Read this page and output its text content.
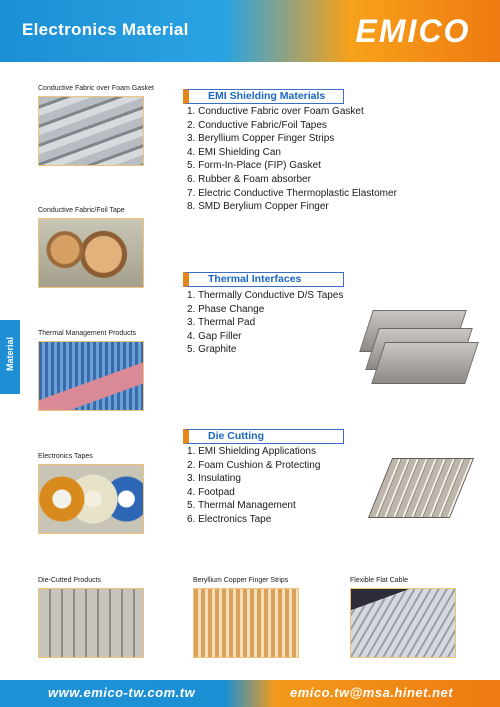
Electronics Material	EMICO
Material
Conductive Fabric over Foam Gasket
Conductive Fabric/Foil Tape
Thermal Management Products
Electronics Tapes
Die-Cutted Products	Beryllium Copper Finger Strips	Flexible Flat Cable
EMI Shielding Materials
1. Conductive Fabric over Foam Gasket
2. Conductive Fabric/Foil Tapes
3. Beryllium Copper Finger Strips
4. EMI Shielding Can
5. Form-In-Place (FIP) Gasket
6. Rubber & Foam absorber
7. Electric Conductive Thermoplastic Elastomer
8. SMD Berylium Copper Finger
Thermal Interfaces
1. Thermally Conductive D/S Tapes
2. Phase Change
3. Thermal Pad
4. Gap Filler
5. Graphite
Die Cutting
1. EMI Shielding Applications
2. Foam Cushion & Protecting
3. Insulating
4. Footpad
5. Thermal Management
6. Electronics Tape
www.emico-tw.com.tw	emico.tw@msa.hinet.net
